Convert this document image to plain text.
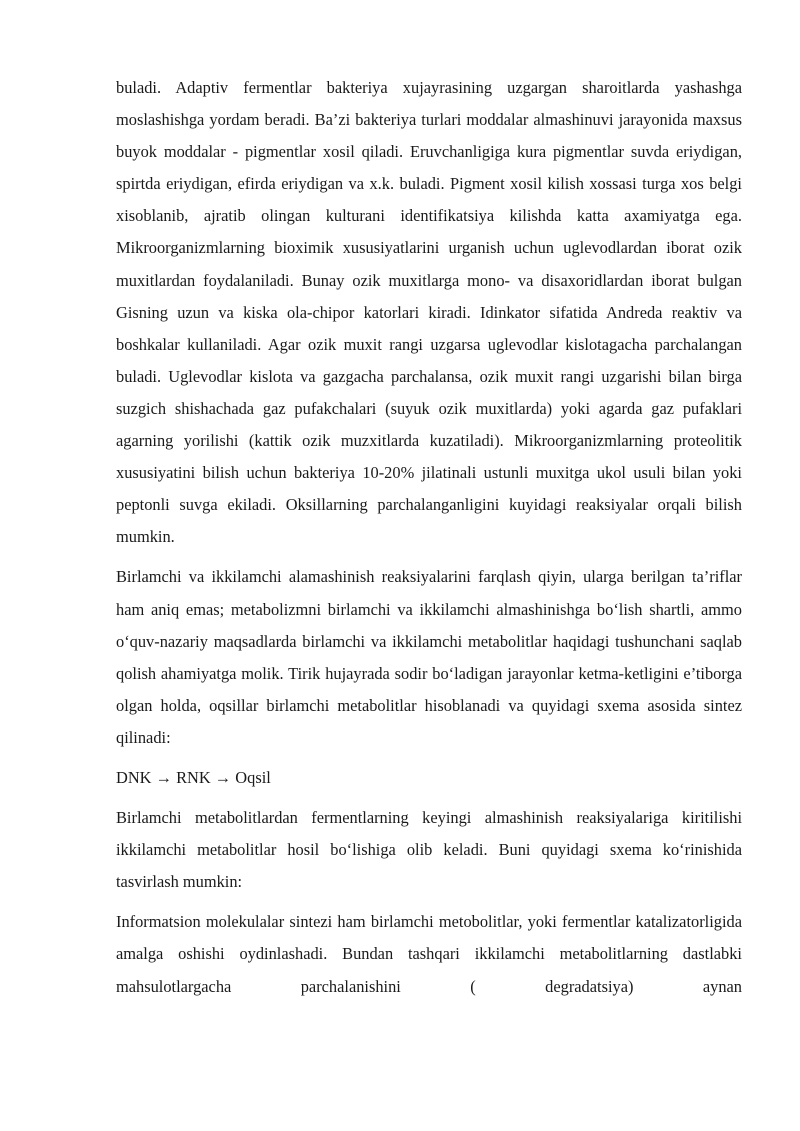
buladi. Adaptiv fermentlar bakteriya xujayrasining uzgargan sharoitlarda yashashga moslashishga yordam beradi. Ba’zi bakteriya turlari moddalar almashinuvi jarayonida maxsus buyok moddalar - pigmentlar xosil qiladi. Eruvchanligiga kura pigmentlar suvda eriydigan, spirtda eriydigan, efirda eriydigan va x.k. buladi. Pigment xosil kilish xossasi turga xos belgi xisoblanib, ajratib olingan kulturani identifikatsiya kilishda katta axamiyatga ega. Mikroorganizmlarning bioximik xususiyatlarini urganish uchun uglevodlardan iborat ozik muxitlardan foydalaniladi. Bunay ozik muxitlarga mono- va disaxoridlardan iborat bulgan Gisning uzun va kiska ola-chipor katorlari kiradi. Idinkator sifatida Andreda reaktiv va boshkalar kullaniladi. Agar ozik muxit rangi uzgarsa uglevodlar kislotagacha parchalangan buladi. Uglevodlar kislota va gazgacha parchalansa, ozik muxit rangi uzgarishi bilan birga suzgich shishachada gaz pufakchalari (suyuk ozik muxitlarda) yoki agarda gaz pufaklari agarning yorilishi (kattik ozik muzxitlarda kuzatiladi). Mikroorganizmlarning proteolitik xususiyatini bilish uchun bakteriya 10-20% jilatinali ustunli muxitga ukol usuli bilan yoki peptonli suvga ekiladi. Oksillarning parchalanganligini kuyidagi reaksiyalar orqali bilish mumkin.

Birlamchi va ikkilamchi alamashinish reaksiyalarini farqlash qiyin, ularga berilgan ta’riflar ham aniq emas; metabolizmni birlamchi va ikkilamchi almashinishga bo‘lish shartli, ammo o‘quv-nazariy maqsadlarda birlamchi va ikkilamchi metabolitlar haqidagi tushunchani saqlab qolish ahamiyatga molik. Tirik hujayrada sodir bo‘ladigan jarayonlar ketma-ketligini e’tiborga olgan holda, oqsillar birlamchi metabolitlar hisoblanadi va quyidagi sxema asosida sintez qilinadi:

DNK → RNK → Oqsil

Birlamchi metabolitlardan fermentlarning keyingi almashinish reaksiyalariga kiritilishi ikkilamchi metabolitlar hosil bo‘lishiga olib keladi. Buni quyidagi sxema ko‘rinishida tasvirlash mumkin:

Informatsion molekulalar sintezi ham birlamchi metobolitlar, yoki fermentlar katalizatorligida amalga oshishi oydinlashadi. Bundan tashqari ikkilamchi metabolitlarning dastlabki mahsulotlargacha parchalanishini ( degradatsiya) aynan
